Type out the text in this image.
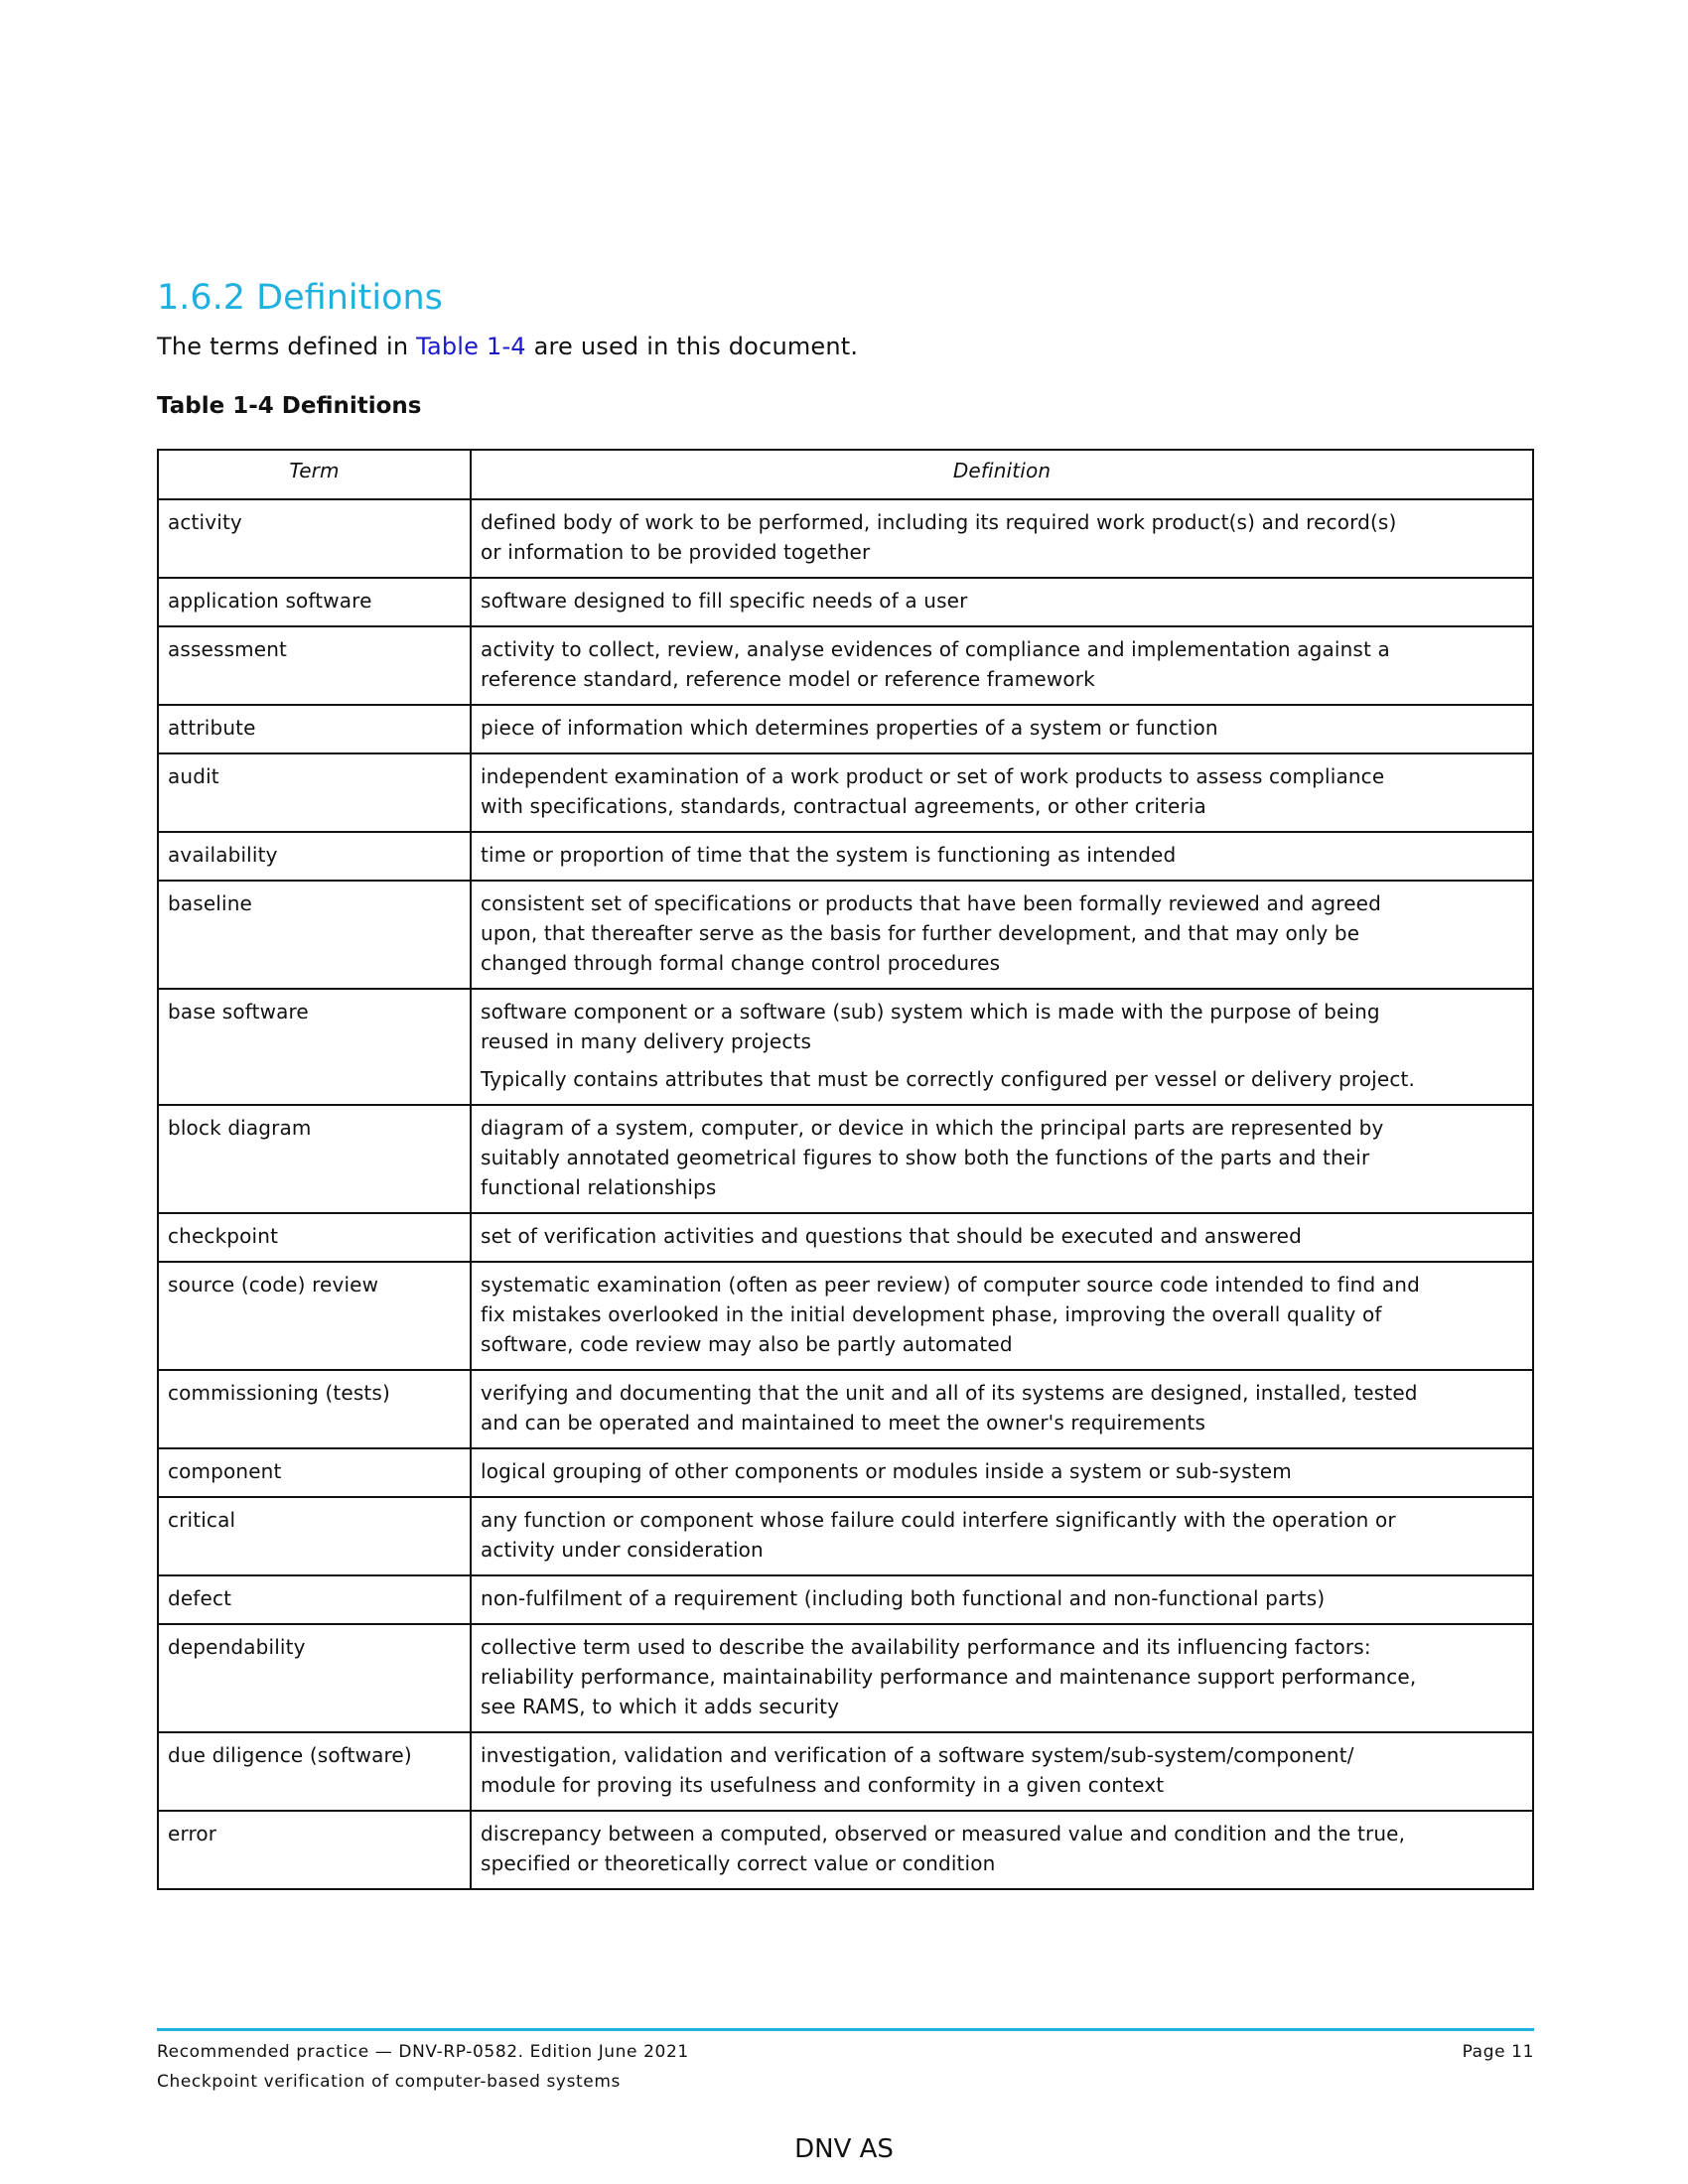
1.6.2 Definitions

The terms defined in Table 1-4 are used in this document.

Table 1-4 Definitions

Term	Definition
activity	defined body of work to be performed, including its required work product(s) and record(s)
or information to be provided together

application software	software designed to fill specific needs of a user

assessment	activity to collect, review, analyse evidences of compliance and implementation against a
reference standard, reference model or reference framework

attribute	piece of information which determines properties of a system or function

audit	independent examination of a work product or set of work products to assess compliance
with specifications, standards, contractual agreements, or other criteria

availability	time or proportion of time that the system is functioning as intended

baseline	consistent set of specifications or products that have been formally reviewed and agreed
upon, that thereafter serve as the basis for further development, and that may only be
changed through formal change control procedures

base software	software component or a software (sub) system which is made with the purpose of being
reused in many delivery projects
Typically contains attributes that must be correctly configured per vessel or delivery project.

block diagram	diagram of a system, computer, or device in which the principal parts are represented by
suitably annotated geometrical figures to show both the functions of the parts and their
functional relationships

checkpoint	set of verification activities and questions that should be executed and answered

source (code) review	systematic examination (often as peer review) of computer source code intended to find and
fix mistakes overlooked in the initial development phase, improving the overall quality of
software, code review may also be partly automated

commissioning (tests)	verifying and documenting that the unit and all of its systems are designed, installed, tested
and can be operated and maintained to meet the owner's requirements

component	logical grouping of other components or modules inside a system or sub-system

critical	any function or component whose failure could interfere significantly with the operation or
activity under consideration

defect	non-fulfilment of a requirement (including both functional and non-functional parts)

dependability	collective term used to describe the availability performance and its influencing factors:
reliability performance, maintainability performance and maintenance support performance,
see RAMS, to which it adds security

due diligence (software)	investigation, validation and verification of a software system/sub-system/component/
module for proving its usefulness and conformity in a given context

error	discrepancy between a computed, observed or measured value and condition and the true,
specified or theoretically correct value or condition
Recommended practice — DNV-RP-0582. Edition June 2021
Checkpoint verification of computer-based systems
Page 11
DNV AS
